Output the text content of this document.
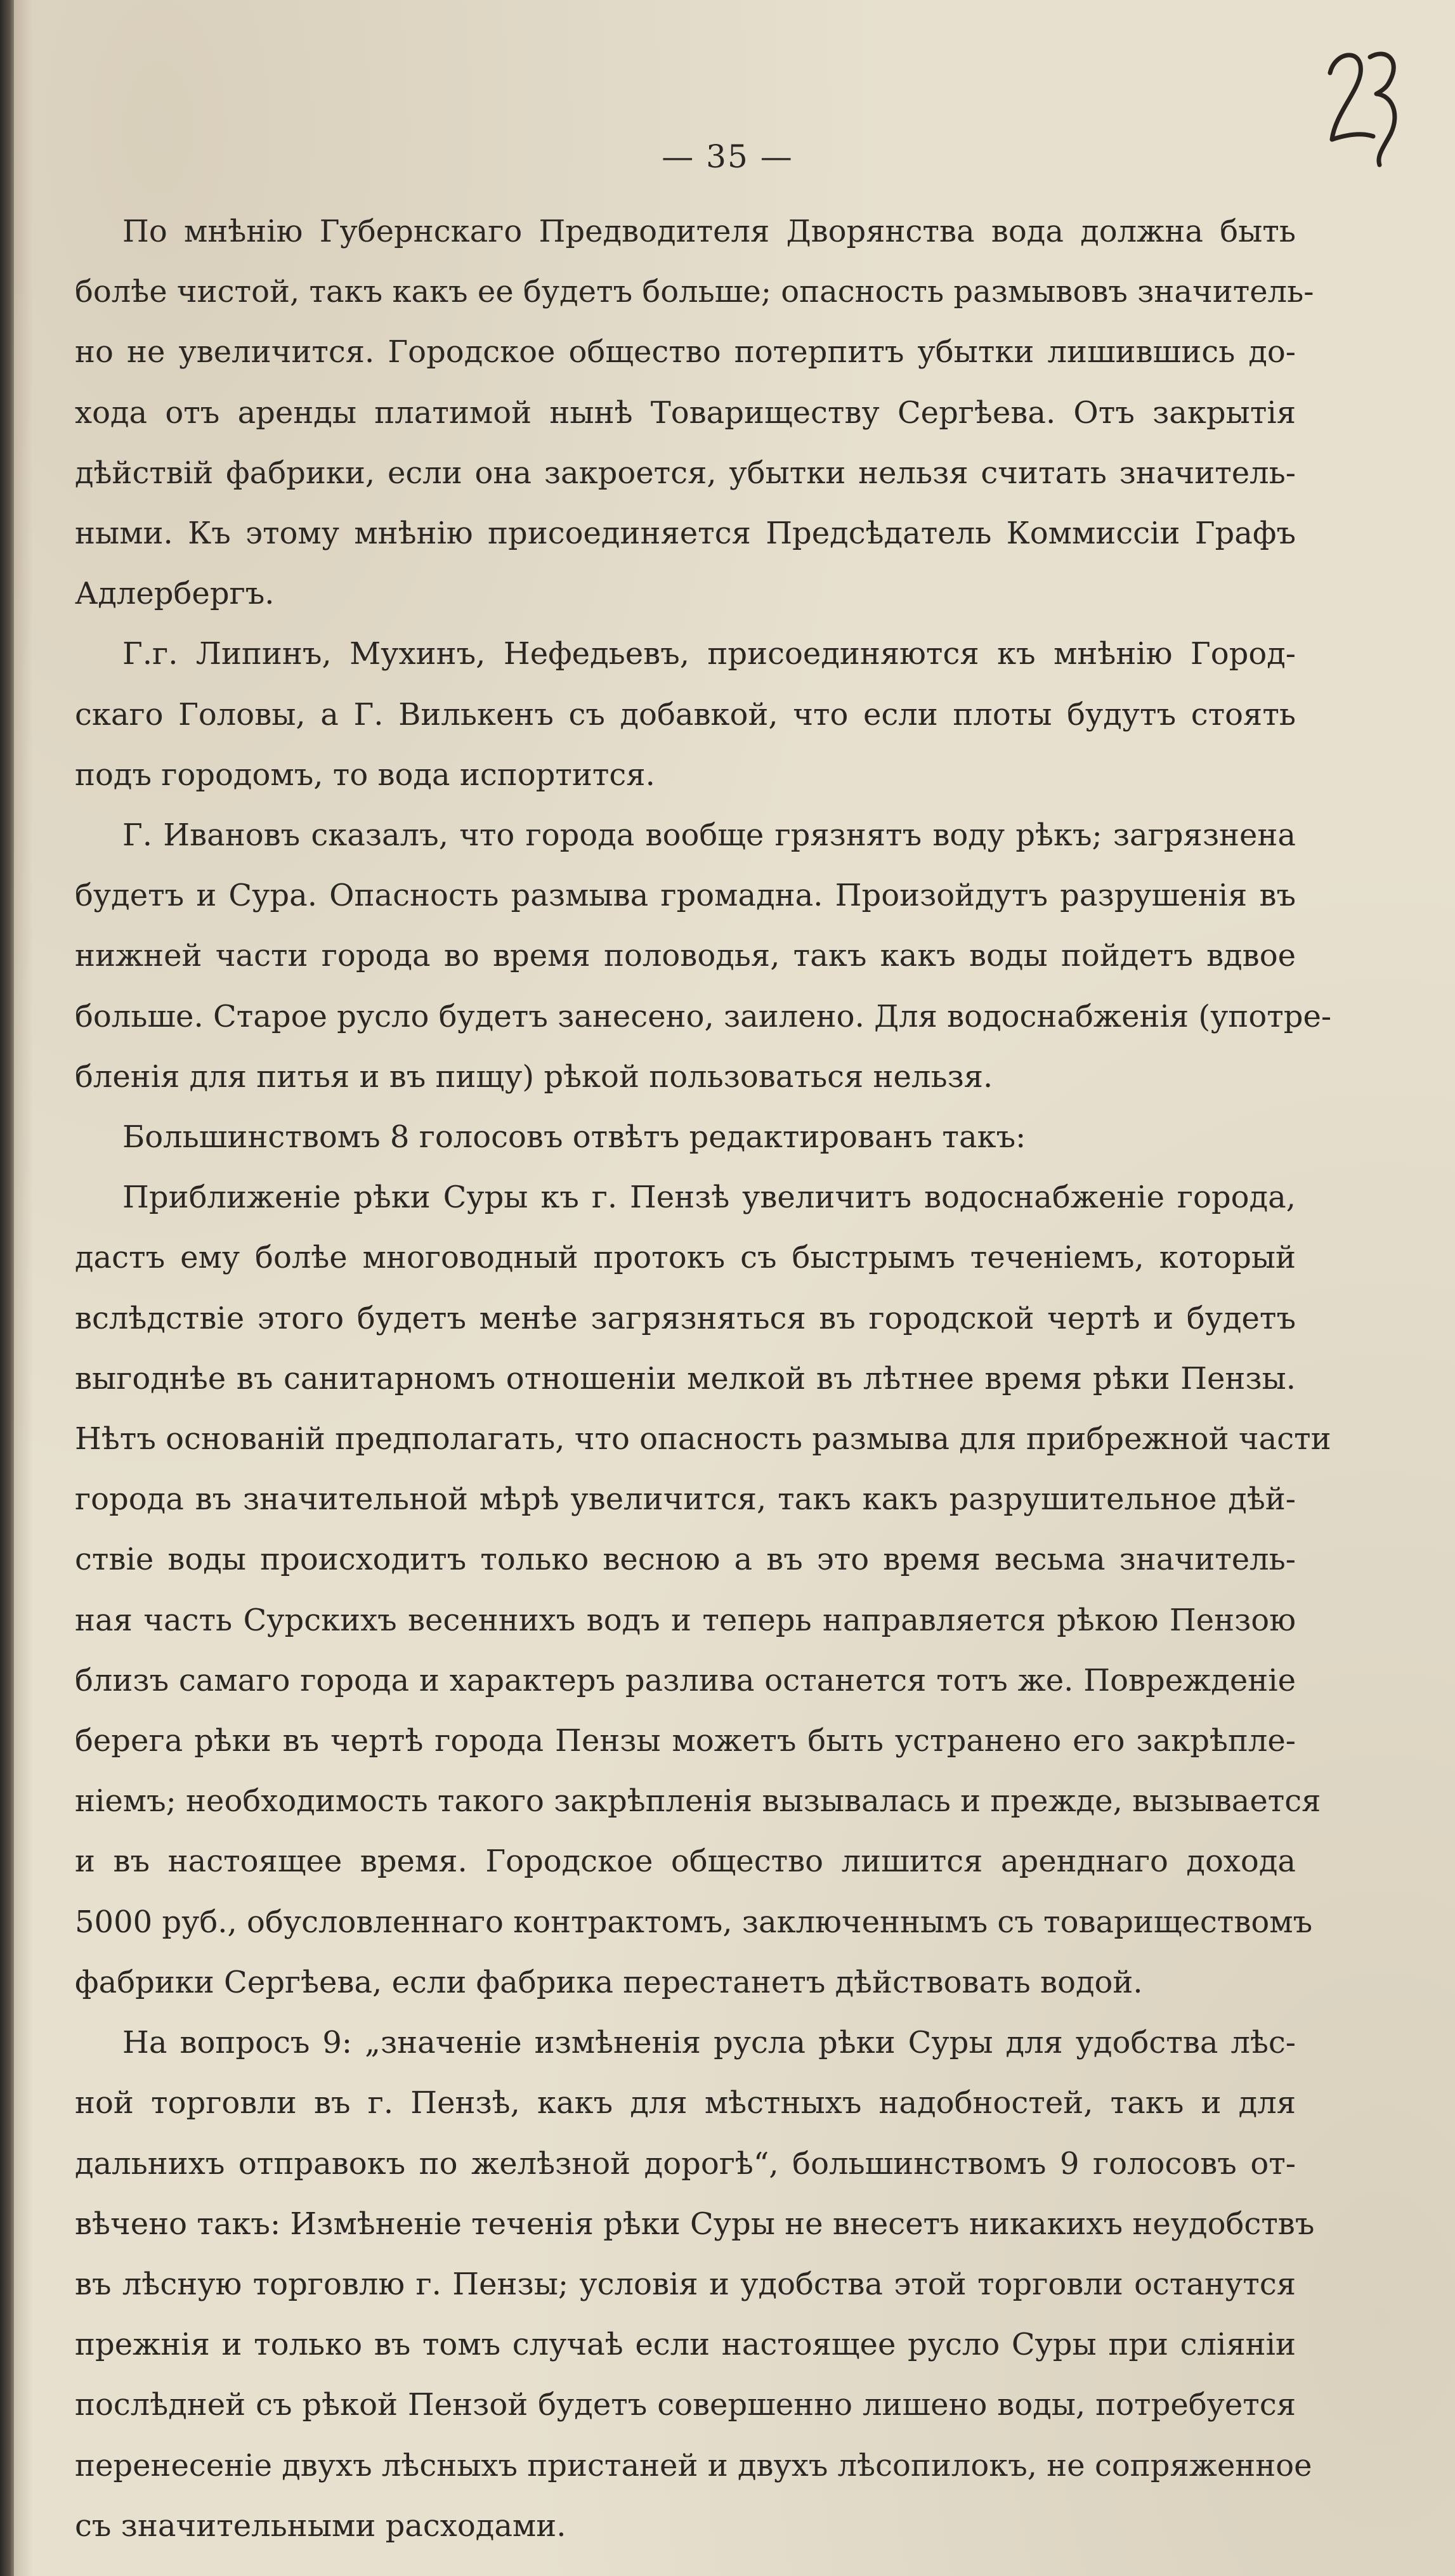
— 35 —

По мнѣнію Губернскаго Предводителя Дворянства вода должна быть
болѣе чистой, такъ какъ ее будетъ больше; опасность размывовъ значитель-
но не увеличится. Городское общество потерпитъ убытки лишившись до-
хода отъ аренды платимой нынѣ Товариществу Сергѣева. Отъ закрытія
дѣйствій фабрики, если она закроется, убытки нельзя считать значитель-
ными. Къ этому мнѣнію присоединяется Предсѣдатель Коммиссіи Графъ
Адлербергъ.

Г.г. Липинъ, Мухинъ, Нефедьевъ, присоединяются къ мнѣнію Город-
скаго Головы, а Г. Вилькенъ съ добавкой, что если плоты будутъ стоять
подъ городомъ, то вода испортится.

Г. Ивановъ сказалъ, что города вообще грязнятъ воду рѣкъ; загрязнена
будетъ и Сура. Опасность размыва громадна. Произойдутъ разрушенія въ
нижней части города во время половодья, такъ какъ воды пойдетъ вдвое
больше. Старое русло будетъ занесено, заилено. Для водоснабженія (употре-
бленія для питья и въ пищу) рѣкой пользоваться нельзя.

Большинствомъ 8 голосовъ отвѣтъ редактированъ такъ:

Приближеніе рѣки Суры къ г. Пензѣ увеличитъ водоснабженіе города,
дастъ ему болѣе многоводный протокъ съ быстрымъ теченіемъ, который
вслѣдствіе этого будетъ менѣе загрязняться въ городской чертѣ и будетъ
выгоднѣе въ санитарномъ отношеніи мелкой въ лѣтнее время рѣки Пензы.
Нѣтъ основаній предполагать, что опасность размыва для прибрежной части
города въ значительной мѣрѣ увеличится, такъ какъ разрушительное дѣй-
ствіе воды происходитъ только весною а въ это время весьма значитель-
ная часть Сурскихъ весеннихъ водъ и теперь направляется рѣкою Пензою
близъ самаго города и характеръ разлива останется тотъ же. Поврежденіе
берега рѣки въ чертѣ города Пензы можетъ быть устранено его закрѣпле-
ніемъ; необходимость такого закрѣпленія вызывалась и прежде, вызывается
и въ настоящее время. Городское общество лишится аренднаго дохода
5000 руб., обусловленнаго контрактомъ, заключеннымъ съ товариществомъ
фабрики Сергѣева, если фабрика перестанетъ дѣйствовать водой.

На вопросъ 9: „значеніе измѣненія русла рѣки Суры для удобства лѣс-
ной торговли въ г. Пензѣ, какъ для мѣстныхъ надобностей, такъ и для
дальнихъ отправокъ по желѣзной дорогѣ“, большинствомъ 9 голосовъ от-
вѣчено такъ: Измѣненіе теченія рѣки Суры не внесетъ никакихъ неудобствъ
въ лѣсную торговлю г. Пензы; условія и удобства этой торговли останутся
прежнія и только въ томъ случаѣ если настоящее русло Суры при сліяніи
послѣдней съ рѣкой Пензой будетъ совершенно лишено воды, потребуется
перенесеніе двухъ лѣсныхъ пристаней и двухъ лѣсопилокъ, не сопряженное
съ значительными расходами.
